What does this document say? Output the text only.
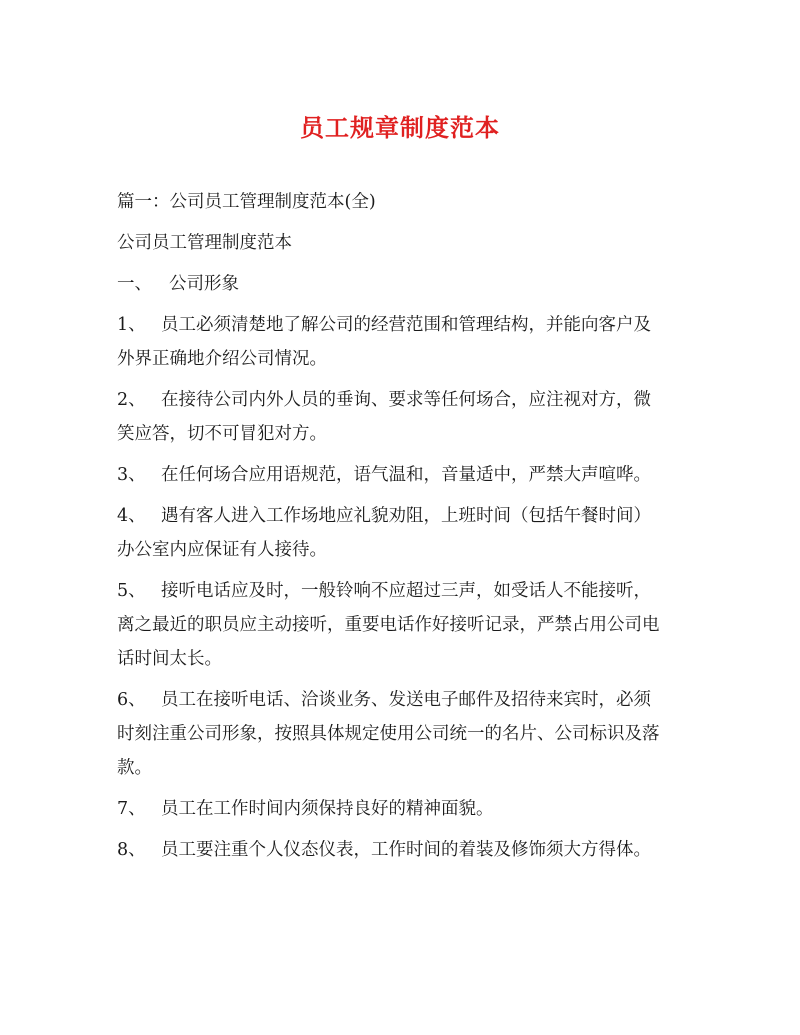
员工规章制度范本
篇一：公司员工管理制度范本(全)
公司员工管理制度范本
一、 公司形象
1、 员工必须清楚地了解公司的经营范围和管理结构，并能向客户及
外界正确地介绍公司情况。
2、 在接待公司内外人员的垂询、要求等任何场合，应注视对方，微
笑应答，切不可冒犯对方。
3、 在任何场合应用语规范，语气温和，音量适中，严禁大声喧哗。
4、 遇有客人进入工作场地应礼貌劝阻，上班时间（包括午餐时间）
办公室内应保证有人接待。
5、 接听电话应及时，一般铃响不应超过三声，如受话人不能接听，
离之最近的职员应主动接听，重要电话作好接听记录，严禁占用公司电
话时间太长。
6、 员工在接听电话、洽谈业务、发送电子邮件及招待来宾时，必须
时刻注重公司形象，按照具体规定使用公司统一的名片、公司标识及落
款。
7、 员工在工作时间内须保持良好的精神面貌。
8、 员工要注重个人仪态仪表，工作时间的着装及修饰须大方得体。
